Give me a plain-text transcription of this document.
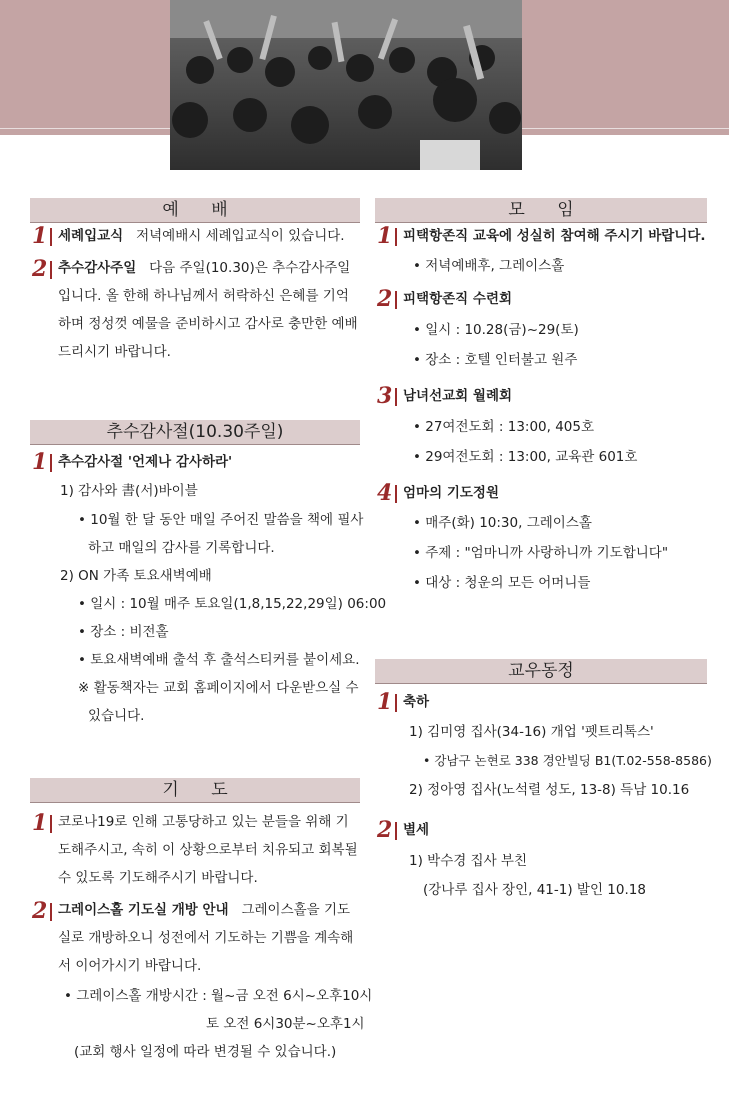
예      배
1 세례입교식 저녁예배시 세례입교식이 있습니다.
2 추수감사주일 다음 주일(10.30)은 추수감사주일입니다. 올 한해 하나님께서 허락하신 은혜를 기억하며 정성껏 예물을 준비하시고 감사로 충만한 예배드리시기 바랍니다.
추수감사절(10.30주일)
1 추수감사절 '언제나 감사하라'
1) 감사와 書(서)바이블
• 10월 한 달 동안 매일 주어진 말씀을 책에 필사
하고 매일의 감사를 기록합니다.
2) ON 가족 토요새벽예배
• 일시 : 10월 매주 토요일(1,8,15,22,29일) 06:00
• 장소 : 비전홀
• 토요새벽예배 출석 후 출석스티커를 붙이세요.
※ 활동책자는 교회 홈페이지에서 다운받으실 수
있습니다.
기      도
1 코로나19로 인해 고통당하고 있는 분들을 위해 기도해주시고, 속히 이 상황으로부터 치유되고 회복될 수 있도록 기도해주시기 바랍니다.
2 그레이스홀 기도실 개방 안내 그레이스홀을 기도실로 개방하오니 성전에서 기도하는 기쁨을 계속해서 이어가시기 바랍니다.
• 그레이스홀 개방시간 : 월~금 오전 6시~오후10시
토 오전 6시30분~오후1시
(교회 행사 일정에 따라 변경될 수 있습니다.)
모      임
1 피택항존직 교육에 성실히 참여해 주시기 바랍니다.
• 저녁예배후, 그레이스홀
2 피택항존직 수련회
• 일시 : 10.28(금)~29(토)
• 장소 : 호텔 인터불고 원주
3 남녀선교회 월례회
• 27여전도회 : 13:00, 405호
• 29여전도회 : 13:00, 교육관 601호
4 엄마의 기도정원
• 매주(화) 10:30, 그레이스홀
• 주제 : "엄마니까 사랑하니까 기도합니다"
• 대상 : 청운의 모든 어머니들
교우동정
1 축하
1) 김미영 집사(34-16) 개업 '펫트리톡스'
• 강남구 논현로 338 경안빌딩 B1(T.02-558-8586)
2) 정아영 집사(노석렬 성도, 13-8) 득남 10.16
2 별세
1) 박수경 집사 부친
(강나루 집사 장인, 41-1) 발인 10.18
